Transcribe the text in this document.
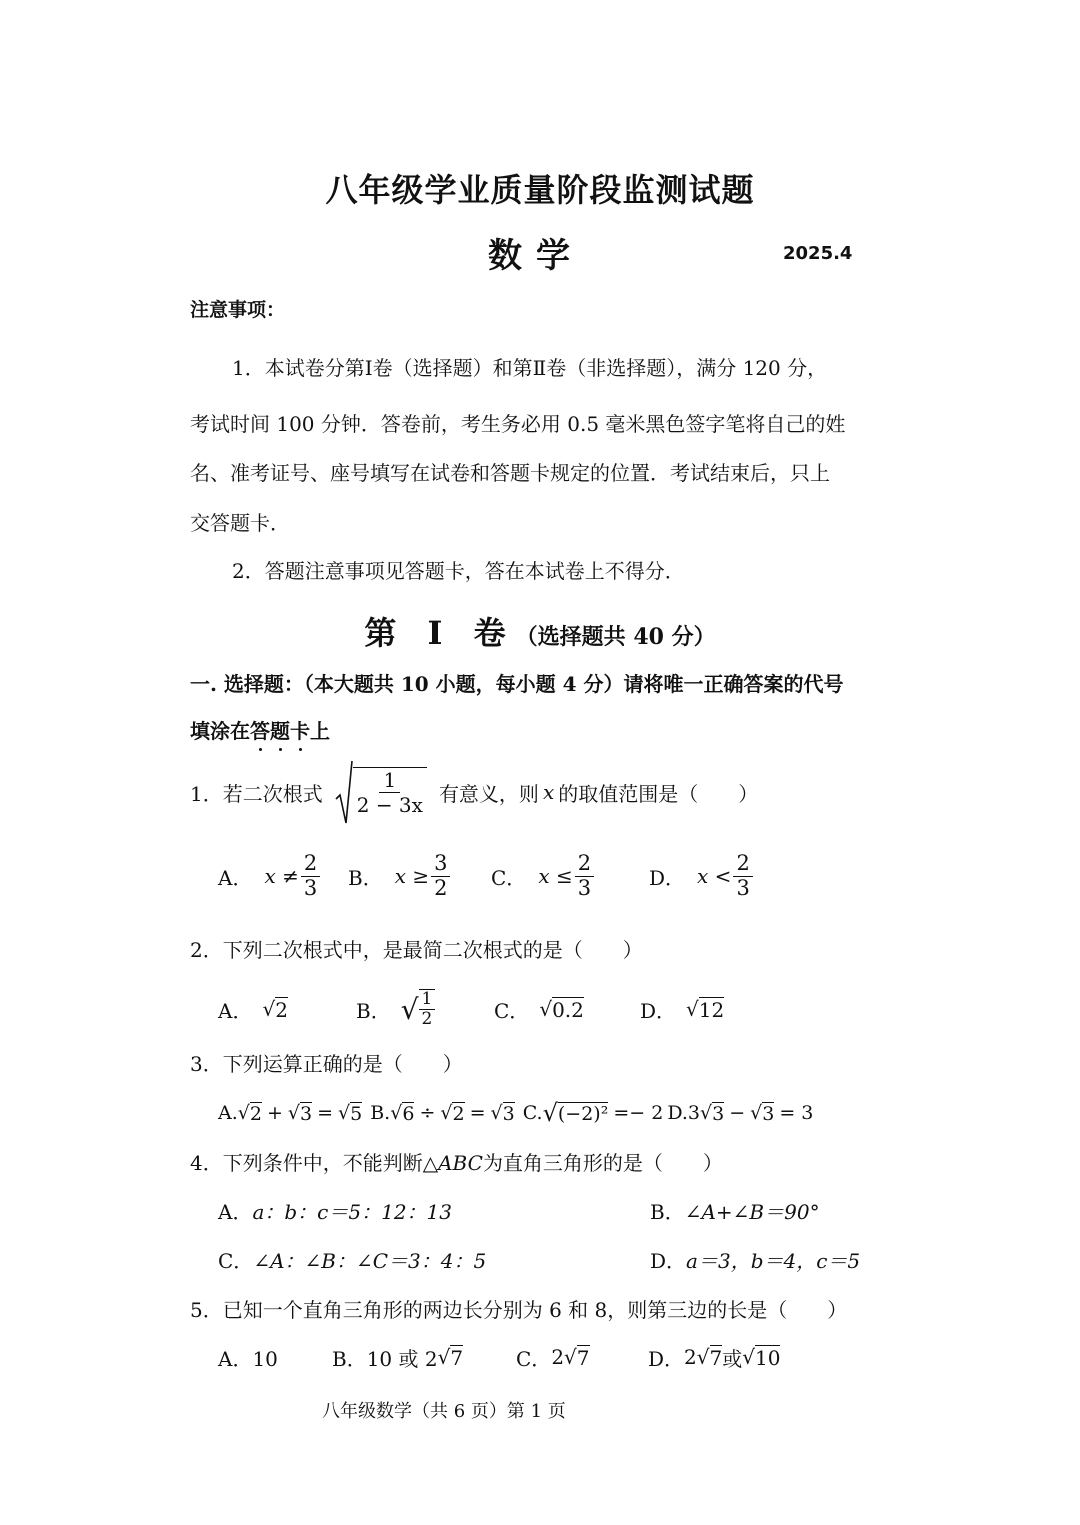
八年级学业质量阶段监测试题
数学	2025.4
注意事项：
1．本试卷分第Ⅰ卷（选择题）和第Ⅱ卷（非选择题），满分 120 分，
考试时间 100 分钟．答卷前，考生务必用 0.5 毫米黑色签字笔将自己的姓
名、准考证号、座号填写在试卷和答题卡规定的位置．考试结束后，只上
交答题卡．
2．答题注意事项见答题卡，答在本试卷上不得分．
第 Ⅰ 卷（选择题共 40 分）
一. 选择题：（本大题共 10 小题，每小题 4 分）请将唯一正确答案的代号
填涂在答题卡上
1．若二次根式 $\frac{1}{2 - 3x}$ 有意义，则 x 的取值范围是（　　）
A． $x \ne \frac{2}{3}$ B． $x \ge \frac{3}{2}$ C． $x \le \frac{2}{3}$	D． $x < \frac{2}{3}$
2．下列二次根式中，是最简二次根式的是（　　）
A． √ 2	B． √ $\frac{1}{2}$	C． √ 0.2	D． √ 12
3．下列运算正确的是（　　）
A. √ 2 + √ 3 = √ 5 B. √ 6 ÷ √ 2 = √ 3 C. √ (−2)² =− 2 D. 3 √ 3 − √ 3 = 3
4．下列条件中，不能判断△ABC为直角三角形的是（　　）
A．a：b：c＝5：12：13	B．∠A+∠B＝90°
C．∠A：∠B：∠C＝3：4：5	D．a＝3，b＝4，c＝5
5．已知一个直角三角形的两边长分别为 6 和 8，则第三边的长是（　　）
A．10	B． 10 或 2 √ 7	C． 2 √ 7	D． 2 √ 7 或 √ 10
八年级数学（共 6 页）第 1 页
